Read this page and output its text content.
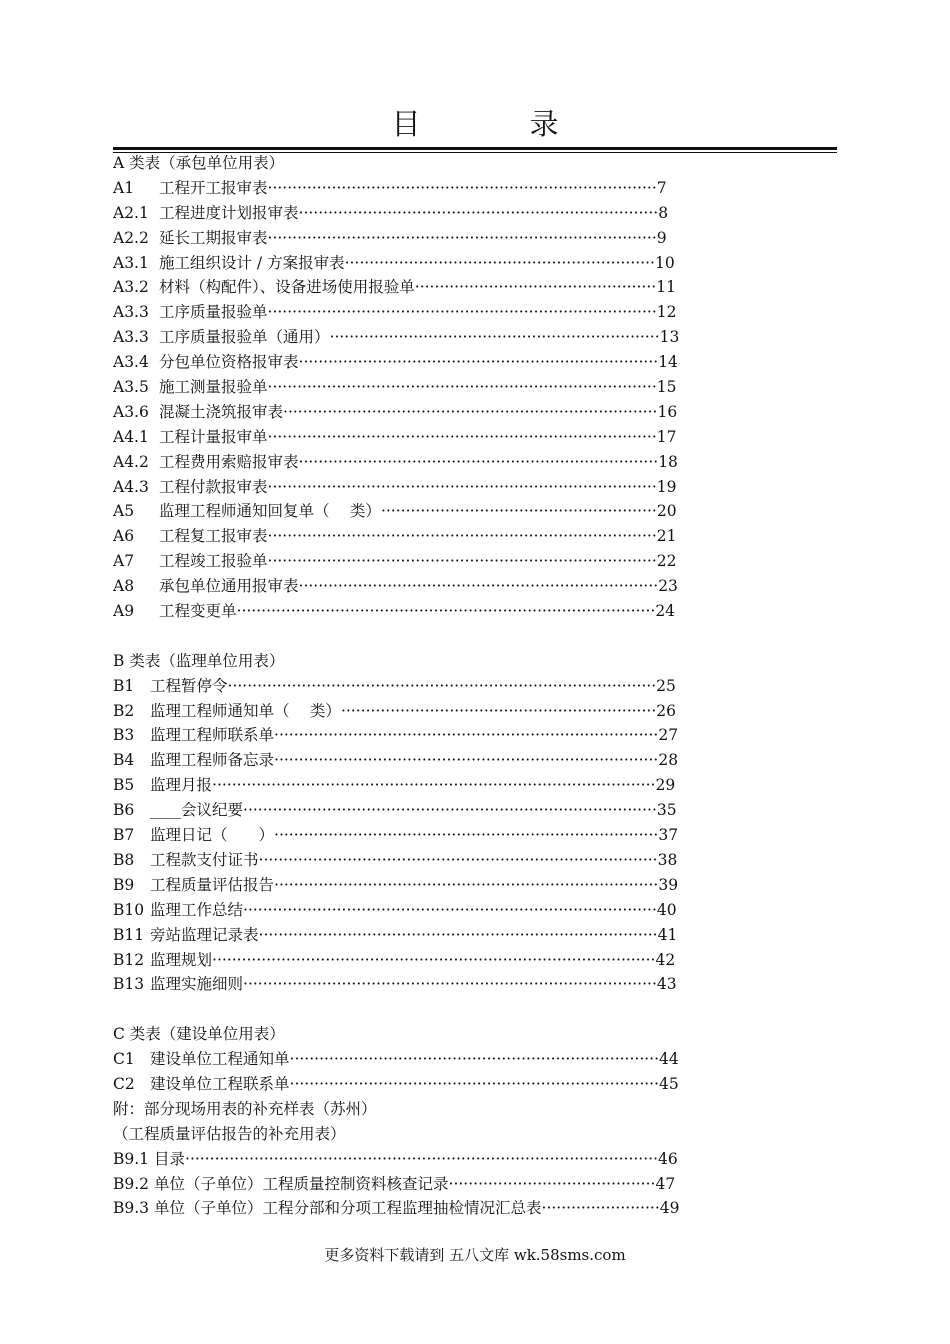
目　录
A 类表（承包单位用表）
A1 工程开工报审表···············································································7
A2.1 工程进度计划报审表·········································································8
A2.2 延长工期报审表···············································································9
A3.1 施工组织设计 / 方案报审表·······························································10
A3.2 材料（构配件）、设备进场使用报验单·················································11
A3.3 工序质量报验单···············································································12
A3.3 工序质量报验单（通用）···································································13
A3.4 分包单位资格报审表·········································································14
A3.5 施工测量报验单···············································································15
A3.6 混凝土浇筑报审表············································································16
A4.1 工程计量报审单···············································································17
A4.2 工程费用索赔报审表·········································································18
A4.3 工程付款报审表···············································································19
A5 监理工程师通知回复单（　 类）························································20
A6 工程复工报审表···············································································21
A7 工程竣工报验单···············································································22
A8 承包单位通用报审表·········································································23
A9 工程变更单·····················································································24
B 类表（监理单位用表）
B1 工程暂停令·······················································································25
B2 监理工程师通知单（　 类）································································26
B3 监理工程师联系单··············································································27
B4 监理工程师备忘录··············································································28
B5 监理月报··························································································29
B6 ____会议纪要····················································································35
B7 监理日记（　　）··············································································37
B8 工程款支付证书·················································································38
B9 工程质量评估报告··············································································39
B10 监理工作总结····················································································40
B11 旁站监理记录表·················································································41
B12 监理规划··························································································42
B13 监理实施细则····················································································43
C 类表（建设单位用表）
C1 建设单位工程通知单···········································································44
C2 建设单位工程联系单···········································································45
附：部分现场用表的补充样表（苏州）
（工程质量评估报告的补充用表）
B9.1 目录································································································46
B9.2 单位（子单位）工程质量控制资料核查记录··········································47
B9.3 单位（子单位）工程分部和分项工程监理抽检情况汇总表························49
更多资料下载请到 五八文库 wk.58sms.com
